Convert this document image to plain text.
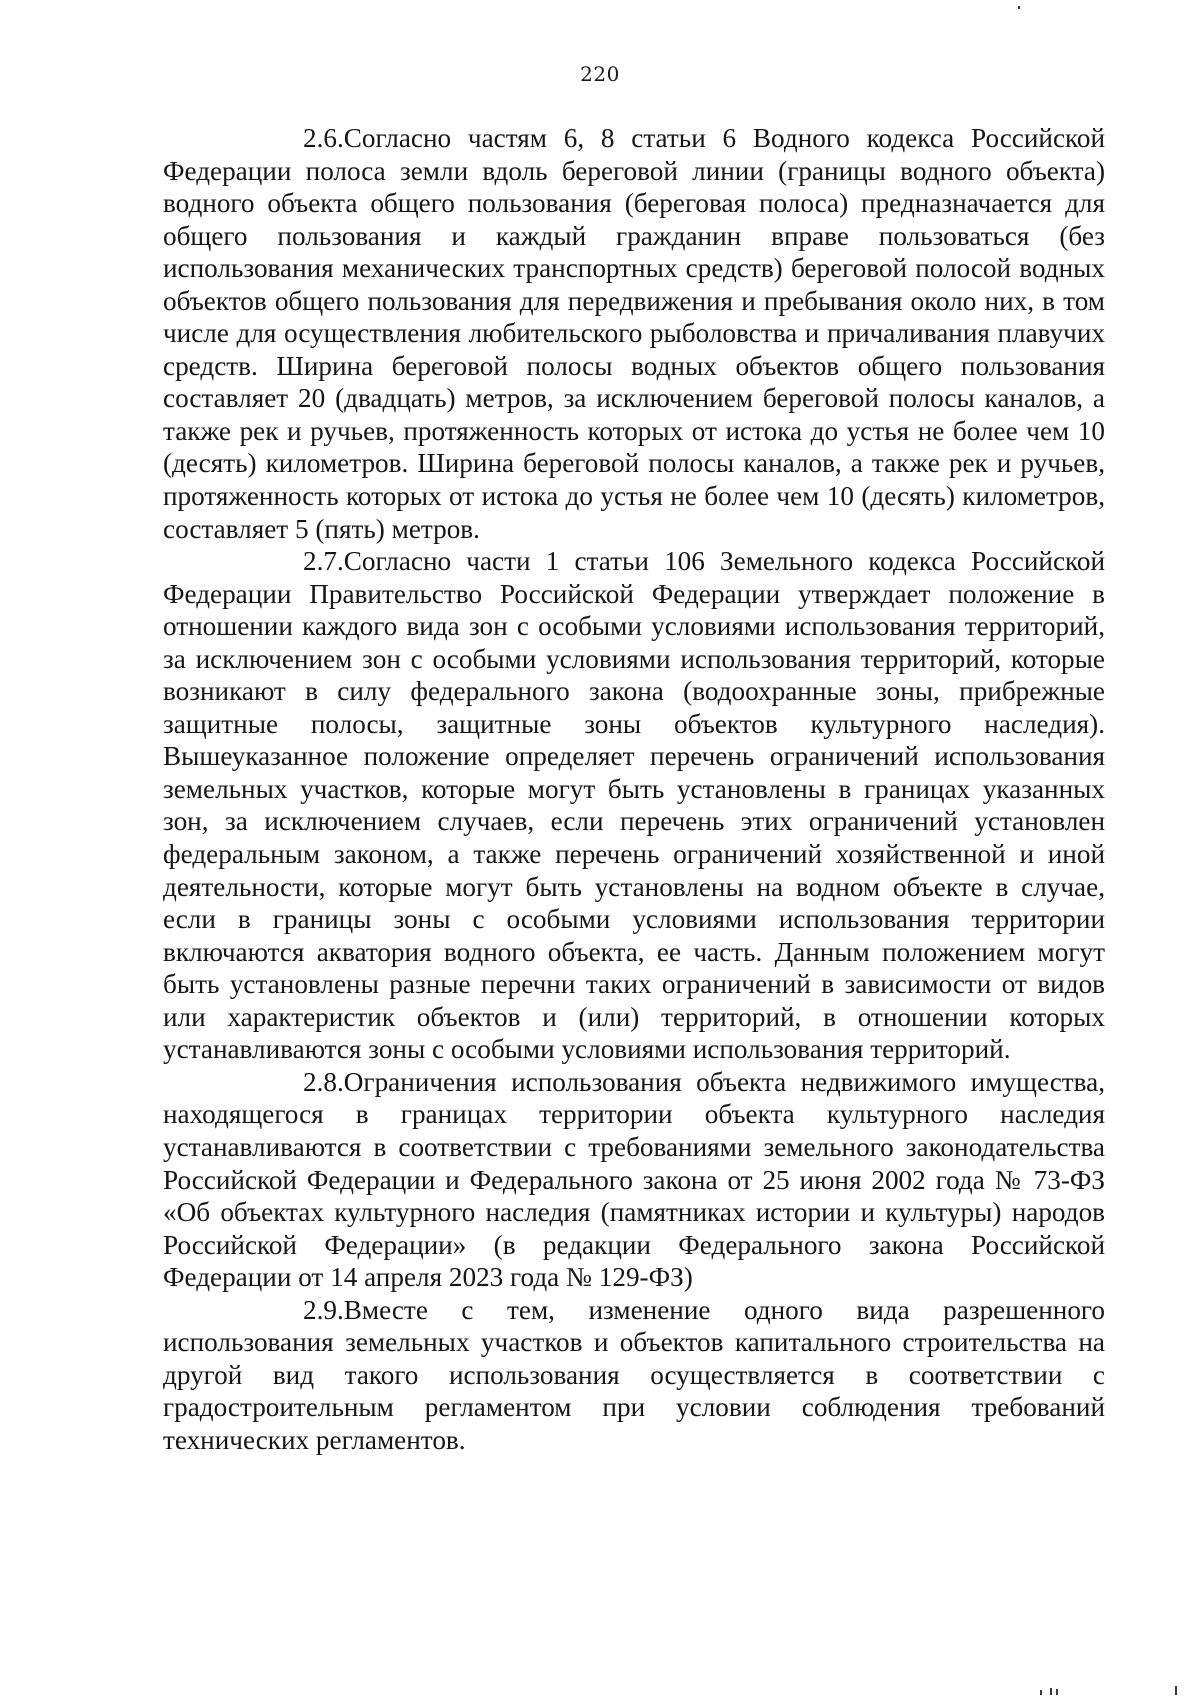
220

2.6.Согласно частям 6, 8 статьи 6 Водного кодекса Российской Федерации полоса земли вдоль береговой линии (границы водного объекта) водного объекта общего пользования (береговая полоса) предназначается для общего пользования и каждый гражданин вправе пользоваться (без использования механических транспортных средств) береговой полосой водных объектов общего пользования для передвижения и пребывания около них, в том числе для осуществления любительского рыболовства и причаливания плавучих средств. Ширина береговой полосы водных объектов общего пользования составляет 20 (двадцать) метров, за исключением береговой полосы каналов, а также рек и ручьев, протяженность которых от истока до устья не более чем 10 (десять) километров. Ширина береговой полосы каналов, а также рек и ручьев, протяженность которых от истока до устья не более чем 10 (десять) километров, составляет 5 (пять) метров.

2.7.Согласно части 1 статьи 106 Земельного кодекса Российской Федерации Правительство Российской Федерации утверждает положение в отношении каждого вида зон с особыми условиями использования территорий, за исключением зон с особыми условиями использования территорий, которые возникают в силу федерального закона (водоохранные зоны, прибрежные защитные полосы, защитные зоны объектов культурного наследия). Вышеуказанное положение определяет перечень ограничений использования земельных участков, которые могут быть установлены в границах указанных зон, за исключением случаев, если перечень этих ограничений установлен федеральным законом, а также перечень ограничений хозяйственной и иной деятельности, которые могут быть установлены на водном объекте в случае, если в границы зоны с особыми условиями использования территории включаются акватория водного объекта, ее часть. Данным положением могут быть установлены разные перечни таких ограничений в зависимости от видов или характеристик объектов и (или) территорий, в отношении которых устанавливаются зоны с особыми условиями использования территорий.

2.8.Ограничения использования объекта недвижимого имущества, находящегося в границах территории объекта культурного наследия устанавливаются в соответствии с требованиями земельного законодательства Российской Федерации и Федерального закона от 25 июня 2002 года № 73-ФЗ «Об объектах культурного наследия (памятниках истории и культуры) народов Российской Федерации» (в редакции Федерального закона Российской Федерации от 14 апреля 2023 года № 129-ФЗ)

2.9.Вместе с тем, изменение одного вида разрешенного использования земельных участков и объектов капитального строительства на другой вид такого использования осуществляется в соответствии с градостроительным регламентом при условии соблюдения требований технических регламентов.
